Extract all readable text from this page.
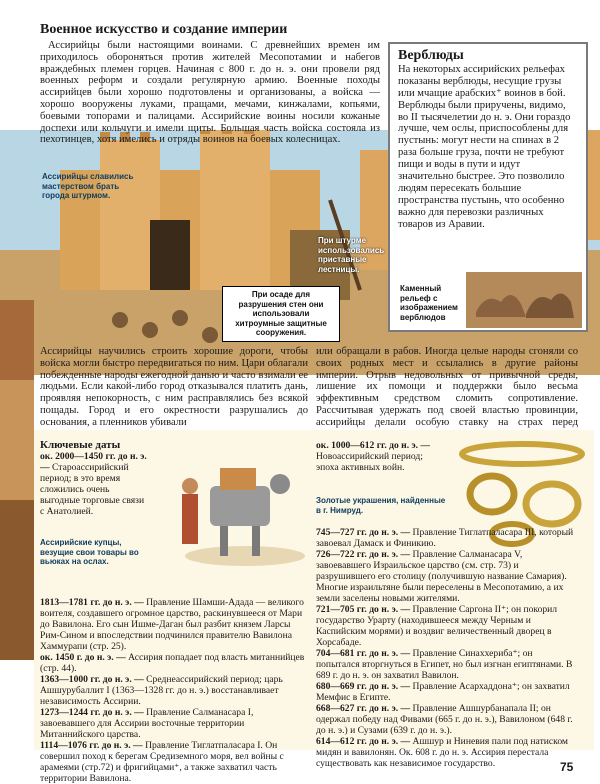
Военное искусство и создание империи

Ассирийцы были настоящими воинами. С древнейших времен им приходилось обороняться против жителей Месопотамии и набегов враждебных племен горцев. Начиная с 800 г. до н. э. они провели ряд военных реформ и создали регулярную армию. Военные походы ассирийцев были хорошо подготовлены и организованы, а войска — хорошо вооружены луками, пращами, мечами, кинжалами, копьями, боевыми топорами и палицами. Ассирийские воины носили кожаные доспехи или кольчуги и имели щиты. Большая часть войска состояла из пехотинцев, хотя имелись и отряды воинов на боевых колесницах.

Верблюды

На некоторых ассирийских рельефах показаны верблюды, несущие грузы или мчащие арабских⁺ воинов в бой. Верблюды были приручены, видимо, во II тысячелетии до н. э. Они гораздо лучше, чем ослы, приспособлены для пустынь: могут нести на спинах в 2 раза больше груза, почти не требуют пищи и воды в пути и идут значительно быстрее. Это позволило людям пересекать большие пространства пустынь, что особенно важно для перевозки различных товаров из Аравии.

Ассирийцы славились мастерством брать города штурмом.
При штурме использовались приставные лестницы.
При осаде для разрушения стен они использовали хитроумные защитные сооружения.
Каменный рельеф с изображением верблюдов

Ассирийцы научились строить хорошие дороги, чтобы войска могли быстро передвигаться по ним. Цари облагали побежденные народы ежегодной данью и часто взимали ее людьми. Если какой-либо город отказывался платить дань, проявляя непокорность, с ним расправлялись без всякой пощады. Город и его окрестности разрушались до основания, а пленников убивали

или обращали в рабов. Иногда целые народы сгоняли со своих родных мест и ссылались в другие районы империи. Отрыв недовольных от привычной среды, лишение их помощи и поддержки было весьма эффективным средством сломить сопротивление. Рассчитывая удержать под своей властью провинции, ассирийцы делали особую ставку на страх перед

Ассирийские купцы, везущие свои товары во вьюках на ослах.
Золотые украшения, найденные в г. Нимруд.

Ключевые даты

ок. 2000—1450 гг. до н. э. — Староассирийский период; в это время сложились очень выгодные торговые связи с Анатолией.

1813—1781 гг. до н. э. — Правление Шамши-Адада — великого воителя, создавшего огромное царство, раскинувшееся от Мари до Вавилона. Его сын Ишме-Даган был разбит князем Ларсы Рим-Сином и впоследствии подчинился правителю Вавилона Хаммурапи (стр. 25).

ок. 1450 г. до н. э. — Ассирия попадает под власть митаннийцев (стр. 44).

1363—1000 гг. до н. э. — Среднеассирийский период; царь Ашшурубаллит I (1363—1328 гг. до н. э.) восстанавливает независимость Ассирии.

1273—1244 гг. до н. э. — Правление Салманасара I, завоевавшего для Ассирии восточные территории Митаннийского царства.

1114—1076 гг. до н. э. — Правление Тиглатпаласара I. Он совершил поход к берегам Средиземного моря, вел войны с арамеями (стр.72) и фригийцами⁺, а также захватил часть территории Вавилона.

ок. 1000—612 гг. до н. э. — Новоассирийский период; эпоха активных войн.

745—727 гг. до н. э. — Правление Тиглатпаласара III, который завоевал Дамаск и Финикию.

726—722 гг. до н. э. — Правление Салманасара V, завоевавшего Израильское царство (см. стр. 73) и разрушившего его столицу (получившую название Самария). Многие израильтяне были переселены в Месопотамию, а их земли заселены новыми жителями.

721—705 гг. до н. э. — Правление Саргона II⁺; он покорил государство Урарту (находившееся между Черным и Каспийским морями) и воздвиг величественный дворец в Хорсабаде.

704—681 гг. до н. э. — Правление Синаххериба⁺; он попытался вторгнуться в Египет, но был изгнан египтянами. В 689 г. до н. э. он захватил Вавилон.

680—669 гг. до н. э. — Правление Асархаддона⁺; он захватил Мемфис в Египте.

668—627 гг. до н. э. — Правление Ашшурбанапала II; он одержал победу над Фивами (665 г. до н. э.), Вавилоном (648 г. до н. э.) и Сузами (639 г. до н. э.).

614—612 гг. до н. э. — Ашшур и Ниневия пали под натиском мидян и вавилонян. Ок. 608 г. до н. э. Ассирия перестала существовать как независимое государство.	75
